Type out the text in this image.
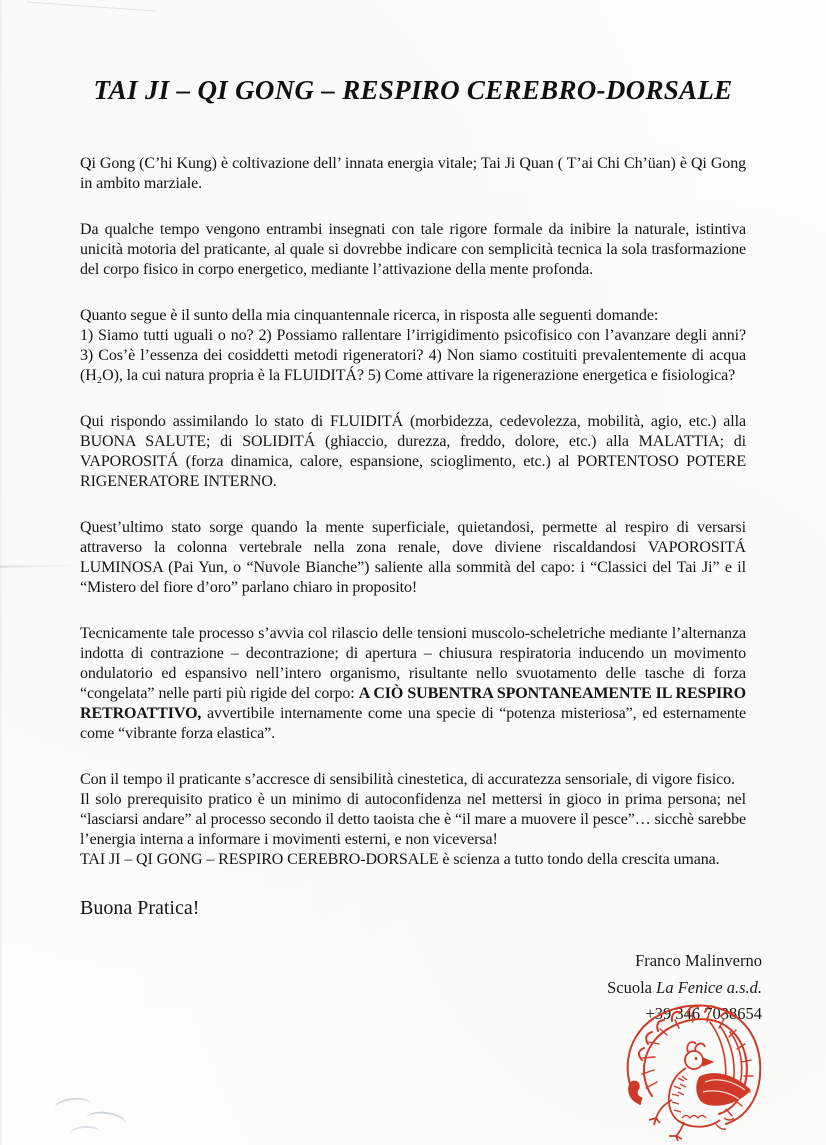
TAI JI – QI GONG – RESPIRO CEREBRO-DORSALE

Qi Gong (C’hi Kung) è coltivazione dell’ innata energia vitale; Tai Ji Quan ( T’ai Chi Ch’üan) è Qi Gong in ambito marziale.

Da qualche tempo vengono entrambi insegnati con tale rigore formale da inibire la naturale, istintiva unicità motoria del praticante, al quale si dovrebbe indicare con semplicità tecnica la sola trasformazione del corpo fisico in corpo energetico, mediante l’attivazione della mente profonda.

Quanto segue è il sunto della mia cinquantennale ricerca, in risposta alle seguenti domande:
1) Siamo tutti uguali o no? 2) Possiamo rallentare l’irrigidimento psicofisico con l’avanzare degli anni? 3) Cos’è l’essenza dei cosiddetti metodi rigeneratori? 4) Non siamo costituiti prevalentemente di acqua (H₂O), la cui natura propria è la FLUIDITÁ? 5) Come attivare la rigenerazione energetica e fisiologica?

Qui rispondo assimilando lo stato di FLUIDITÁ (morbidezza, cedevolezza, mobilità, agio, etc.) alla BUONA SALUTE; di SOLIDITÁ (ghiaccio, durezza, freddo, dolore, etc.) alla MALATTIA; di VAPOROSITÁ (forza dinamica, calore, espansione, scioglimento, etc.) al PORTENTOSO POTERE RIGENERATORE INTERNO.

Quest’ultimo stato sorge quando la mente superficiale, quietandosi, permette al respiro di versarsi attraverso la colonna vertebrale nella zona renale, dove diviene riscaldandosi VAPOROSITÁ LUMINOSA (Pai Yun, o “Nuvole Bianche”) saliente alla sommità del capo: i “Classici del Tai Ji” e il “Mistero del fiore d’oro” parlano chiaro in proposito!

Tecnicamente tale processo s’avvia col rilascio delle tensioni muscolo-scheletriche mediante l’alternanza indotta di contrazione – decontrazione; di apertura – chiusura respiratoria inducendo un movimento ondulatorio ed espansivo nell’intero organismo, risultante nello svuotamento delle tasche di forza “congelata” nelle parti più rigide del corpo: A CIÒ SUBENTRA SPONTANEAMENTE IL RESPIRO RETROATTIVO, avvertibile internamente come una specie di “potenza misteriosa”, ed esternamente come “vibrante forza elastica”.

Con il tempo il praticante s’accresce di sensibilità cinestetica, di accuratezza sensoriale, di vigore fisico.
Il solo prerequisito pratico è un minimo di autoconfidenza nel mettersi in gioco in prima persona; nel “lasciarsi andare” al processo secondo il detto taoista che è “il mare a muovere il pesce”… sicchè sarebbe l’energia interna a informare i movimenti esterni, e non viceversa!
TAI JI – QI GONG – RESPIRO CEREBRO-DORSALE è scienza a tutto tondo della crescita umana.

Buona Pratica!
Franco Malinverno
Scuola La Fenice a.s.d.
+39 346 7038654
